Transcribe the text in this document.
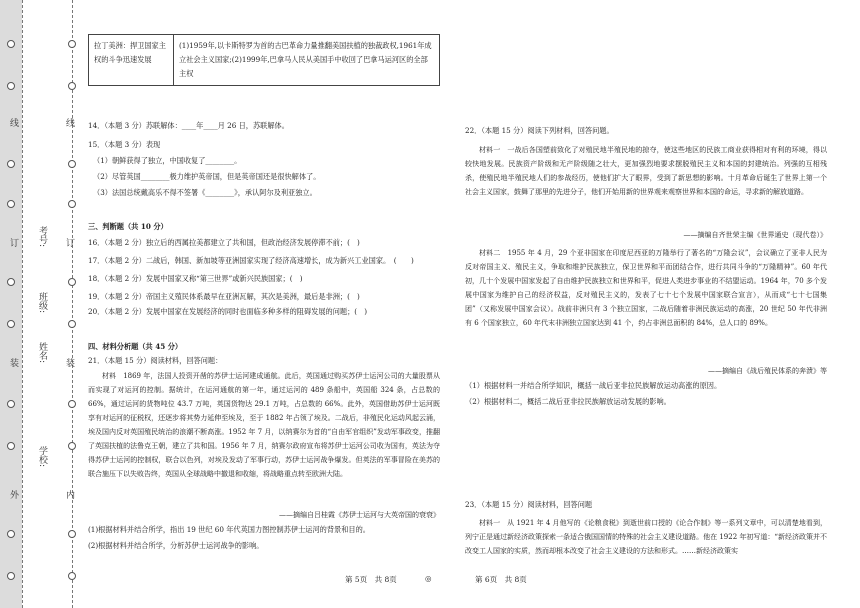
线
订
装
外
线
订
装
内
学校:
姓名:
班级:
考号:
拉丁美洲：捍卫国家主权的斗争迅速发展	(1)1959年,以卡斯特罗为首的古巴革命力量推翻美国扶植的独裁政权,1961年成立社会主义国家;(2)1999年,巴拿马人民从美国手中收回了巴拿马运河区的全部主权
14．（本题 3 分）苏联解体：____年____月 26 日，苏联解体。
15．（本题 3 分）表现
（1）朝鲜获得了独立，中国收复了________。
（2）尽管英国________极力维护英帝国，但是英帝国还是很快解体了。
（3）法国总统戴高乐不得不签署《________》，承认阿尔及利亚独立。
三、判断题（共 10 分）
16．（本题 2 分）独立后的西属拉美都建立了共和国，但政治经济发展停滞不前；(　)
17．（本题 2 分）二战后，韩国、新加坡等亚洲国家实现了经济高速增长，成为新兴工业国家。　(　　)
18．（本题 2 分）发展中国家又称“第三世界”或新兴民族国家；(　)
19．（本题 2 分）帝国主义殖民体系最早在亚洲瓦解，其次是美洲，最后是非洲；(　)
20．（本题 2 分）发展中国家在发展经济的同时也面临多种多样的阻碍发展的问题；(　)
四、材料分析题（共 45 分）
21．（本题 15 分）阅读材料，回答问题：
材料　1869 年，法国人投资开凿的苏伊士运河建成通航。此后，英国通过购买苏伊士运河公司的大量股票从而实现了对运河的控制。据统计，在运河通航的第一年，通过运河的 489 条船中，英国船 324 条，占总数的 66%，通过运河的货物吨位 43.7 万吨，英国货物达 29.1 万吨，占总数的 66%。此外，英国借助苏伊士运河既享有对运河的征税权，还逐步将其势力延伸至埃及，至于 1882 年占领了埃及。二战后，非殖民化运动风起云涌，埃及国内反对英国殖民统治的浪潮不断高涨。1952 年 7 月，以纳赛尔为首的“自由军官组织”发动军事政变，推翻了英国扶植的法鲁克王朝，建立了共和国。1956 年 7 月，纳赛尔政府宣布将苏伊士运河公司收为国有，英法为夺得苏伊士运河的控制权，联合以色列，对埃及发动了军事行动，苏伊士运河战争爆发。但英法的军事冒险在美苏的联合施压下以失败告终，英国从全球战略中撤退和收缩，将战略重点转至欧洲大陆。
——摘编自吕桂霞《苏伊士运河与大英帝国的衰衰》
(1)根据材料并结合所学，指出 19 世纪 60 年代英国力图控制苏伊士运河的背景和目的。
(2)根据材料并结合所学，分析苏伊士运河战争的影响。
22．（本题 15 分）阅读下列材料，回答问题。
材料一　一战后各国塑前致化了对殖民地半殖民地的掠夺，使这些地区的民族工商业获得相对有利的环境，得以较快地发展。民族资产阶级和无产阶级随之壮大，更加强烈地要求摆脱殖民主义和本国的封建统治。列强的互相残杀，使殖民地半殖民地人们的参战经历，使他们扩大了眼界，受到了新思想的影响。十月革命后诞生了世界上第一个社会主义国家，鼓舞了那里的先进分子，他们开始用新的世界观来观察世界和本国的命运，寻求新的解放道路。
——摘编自齐世荣主编《世界通史（现代卷）》
材料二　1955 年 4 月，29 个亚非国家在印度尼西亚的万隆举行了著名的“万隆会议”，会议确立了亚非人民为反对帝国主义、殖民主义，争取和维护民族独立，保卫世界和平而团结合作，进行共同斗争的“万隆精神”。60 年代初，几十个发展中国家发起了自由维护民族独立和世界和平，促进人类进步事业的不结盟运动。1964 年，70 多个发展中国家为维护自己的经济权益，反对殖民主义的，发表了七十七个发展中国家联合宣言），从而成“七十七国集团”（又称发展中国家会议）。战前非洲只有 3 个独立国家，二战后随着非洲民族运动的高涨，20 世纪 50 年代非洲有 6 个国家独立，60 年代末非洲独立国家达到 41 个，约占非洲总面积的 84%，总人口的 89%。
——摘编自《战后殖民体系的奔溃》等
（1）根据材料一并结合所学知识，概括一战后亚非拉民族解放运动高涨的原因。
（2）根据材料二，概括二战后亚非拉民族解放运动发展的影响。
23．（本题 15 分）阅读材料，回答问题
材料一　从 1921 年 4 月他写的《论粮食税》到逝世前口授的《论合作制》等一系列文章中，可以清楚地看到，列宁正是通过新经济政策探索一条适合俄国国情的特殊的社会主义建设道路。他在 1922 年初写道：“新经济政策并不改变工人国家的实质，然而却根本改变了社会主义建设的方法和形式。……新经济政策实
第 5页　共 8页	◎	第 6页　共 8页
